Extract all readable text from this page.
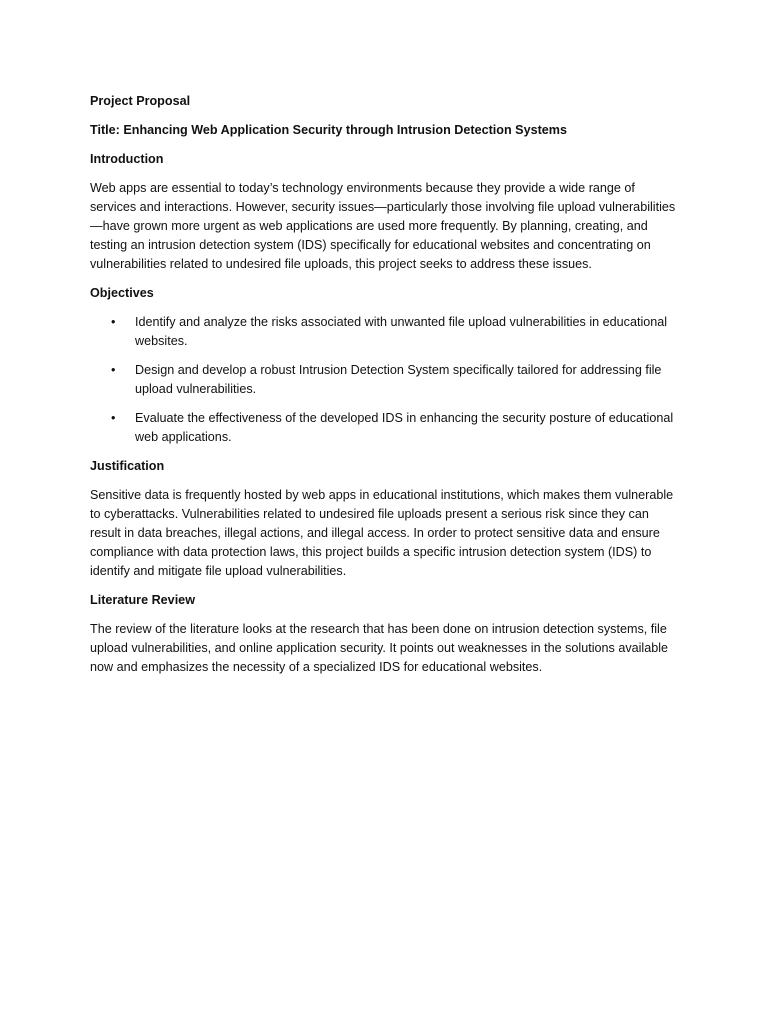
Project Proposal

Title: Enhancing Web Application Security through Intrusion Detection Systems

Introduction

Web apps are essential to today’s technology environments because they provide a wide range of services and interactions. However, security issues—particularly those involving file upload vulnerabilities—have grown more urgent as web applications are used more frequently. By planning, creating, and testing an intrusion detection system (IDS) specifically for educational websites and concentrating on vulnerabilities related to undesired file uploads, this project seeks to address these issues.

Objectives

• Identify and analyze the risks associated with unwanted file upload vulnerabilities in educational websites.
• Design and develop a robust Intrusion Detection System specifically tailored for addressing file upload vulnerabilities.
• Evaluate the effectiveness of the developed IDS in enhancing the security posture of educational web applications.

Justification

Sensitive data is frequently hosted by web apps in educational institutions, which makes them vulnerable to cyberattacks. Vulnerabilities related to undesired file uploads present a serious risk since they can result in data breaches, illegal actions, and illegal access. In order to protect sensitive data and ensure compliance with data protection laws, this project builds a specific intrusion detection system (IDS) to identify and mitigate file upload vulnerabilities.

Literature Review

The review of the literature looks at the research that has been done on intrusion detection systems, file upload vulnerabilities, and online application security. It points out weaknesses in the solutions available now and emphasizes the necessity of a specialized IDS for educational websites.
